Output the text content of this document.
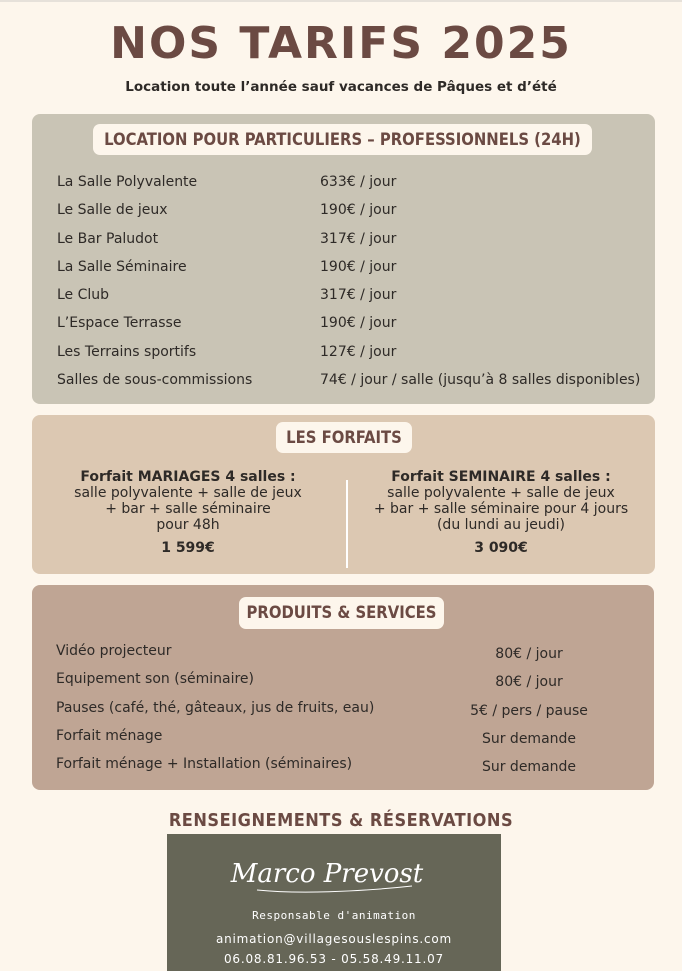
NOS TARIFS 2025
Location toute l’année sauf vacances de Pâques et d’été
LOCATION POUR PARTICULIERS – PROFESSIONNELS (24H)
La Salle Polyvalente	633€ / jour
Le Salle de jeux	190€ / jour
Le Bar Paludot	317€ / jour
La Salle Séminaire	190€ / jour
Le Club	317€ / jour
L’Espace Terrasse	190€ / jour
Les Terrains sportifs	127€ / jour
Salles de sous-commissions	74€ / jour / salle (jusqu’à 8 salles disponibles)
LES FORFAITS
Forfait MARIAGES 4 salles :
salle polyvalente + salle de jeux
+ bar + salle séminaire
pour 48h
1 599€
Forfait SEMINAIRE 4 salles :
salle polyvalente + salle de jeux
+ bar + salle séminaire pour 4 jours
(du lundi au jeudi)
3 090€
PRODUITS & SERVICES
Vidéo projecteur	80€ / jour
Equipement son (séminaire)	80€ / jour
Pauses (café, thé, gâteaux, jus de fruits, eau)	5€ / pers / pause
Forfait ménage	Sur demande
Forfait ménage + Installation (séminaires)	Sur demande
RENSEIGNEMENTS & RÉSERVATIONS
Marco Prevost
Responsable d'animation
animation@villagesouslespins.com
06.08.81.96.53 - 05.58.49.11.07
